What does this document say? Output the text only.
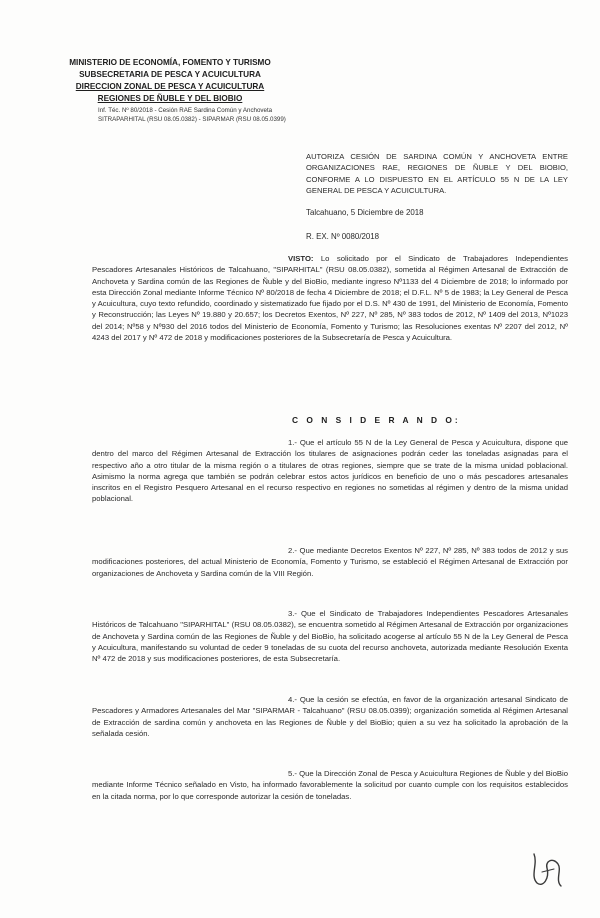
MINISTERIO DE ECONOMÍA, FOMENTO Y TURISMO
SUBSECRETARIA DE PESCA Y ACUICULTURA
DIRECCION ZONAL DE PESCA Y ACUICULTURA
REGIONES DE ÑUBLE Y DEL BIOBIO
Inf. Téc. Nº 80/2018 - Cesión RAE Sardina Común y Anchoveta
SITRAPARHITAL (RSU 08.05.0382) - SIPARMAR (RSU 08.05.0399)
AUTORIZA CESIÓN DE SARDINA COMÚN Y ANCHOVETA ENTRE ORGANIZACIONES RAE, REGIONES DE ÑUBLE Y DEL BIOBIO, CONFORME A LO DISPUESTO EN EL ARTÍCULO 55 N DE LA LEY GENERAL DE PESCA Y ACUICULTURA.
Talcahuano, 5 Diciembre de 2018
R. EX. Nº 0080/2018
VISTO: Lo solicitado por el Sindicato de Trabajadores Independientes Pescadores Artesanales Históricos de Talcahuano, "SIPARHITAL" (RSU 08.05.0382), sometida al Régimen Artesanal de Extracción de Anchoveta y Sardina común de las Regiones de Ñuble y del BioBio, mediante ingreso Nº1133 del 4 Diciembre de 2018; lo informado por esta Dirección Zonal mediante Informe Técnico Nº 80/2018 de fecha 4 Diciembre de 2018; el D.F.L. Nº 5 de 1983; la Ley General de Pesca y Acuicultura, cuyo texto refundido, coordinado y sistematizado fue fijado por el D.S. Nº 430 de 1991, del Ministerio de Economía, Fomento y Reconstrucción; las Leyes Nº 19.880 y 20.657; los Decretos Exentos, Nº 227, Nº 285, Nº 383 todos de 2012, Nº 1409 del 2013, Nº1023 del 2014; Nº58 y Nº930 del 2016 todos del Ministerio de Economía, Fomento y Turismo; las Resoluciones exentas Nº 2207 del 2012, Nº 4243 del 2017 y Nº 472 de 2018 y modificaciones posteriores de la Subsecretaría de Pesca y Acuicultura.
C O N S I D E R A N D O:
1.- Que el artículo 55 N de la Ley General de Pesca y Acuicultura, dispone que dentro del marco del Régimen Artesanal de Extracción los titulares de asignaciones podrán ceder las toneladas asignadas para el respectivo año a otro titular de la misma región o a titulares de otras regiones, siempre que se trate de la misma unidad poblacional. Asimismo la norma agrega que también se podrán celebrar estos actos jurídicos en beneficio de uno o más pescadores artesanales inscritos en el Registro Pesquero Artesanal en el recurso respectivo en regiones no sometidas al régimen y dentro de la misma unidad poblacional.
2.- Que mediante Decretos Exentos Nº 227, Nº 285, Nº 383 todos de 2012 y sus modificaciones posteriores, del actual Ministerio de Economía, Fomento y Turismo, se estableció el Régimen Artesanal de Extracción por organizaciones de Anchoveta y Sardina común de la VIII Región.
3.- Que el Sindicato de Trabajadores Independientes Pescadores Artesanales Históricos de Talcahuano "SIPARHITAL" (RSU 08.05.0382), se encuentra sometido al Régimen Artesanal de Extracción por organizaciones de Anchoveta y Sardina común de las Regiones de Ñuble y del BioBio, ha solicitado acogerse al artículo 55 N de la Ley General de Pesca y Acuicultura, manifestando su voluntad de ceder 9 toneladas de su cuota del recurso anchoveta, autorizada mediante Resolución Exenta Nº 472 de 2018 y sus modificaciones posteriores, de esta Subsecretaría.
4.- Que la cesión se efectúa, en favor de la organización artesanal Sindicato de Pescadores y Armadores Artesanales del Mar "SIPARMAR - Talcahuano" (RSU 08.05.0399); organización sometida al Régimen Artesanal de Extracción de sardina común y anchoveta en las Regiones de Ñuble y del BioBio; quien a su vez ha solicitado la aprobación de la señalada cesión.
5.- Que la Dirección Zonal de Pesca y Acuicultura Regiones de Ñuble y del BioBio mediante Informe Técnico señalado en Visto, ha informado favorablemente la solicitud por cuanto cumple con los requisitos establecidos en la citada norma, por lo que corresponde autorizar la cesión de toneladas.
